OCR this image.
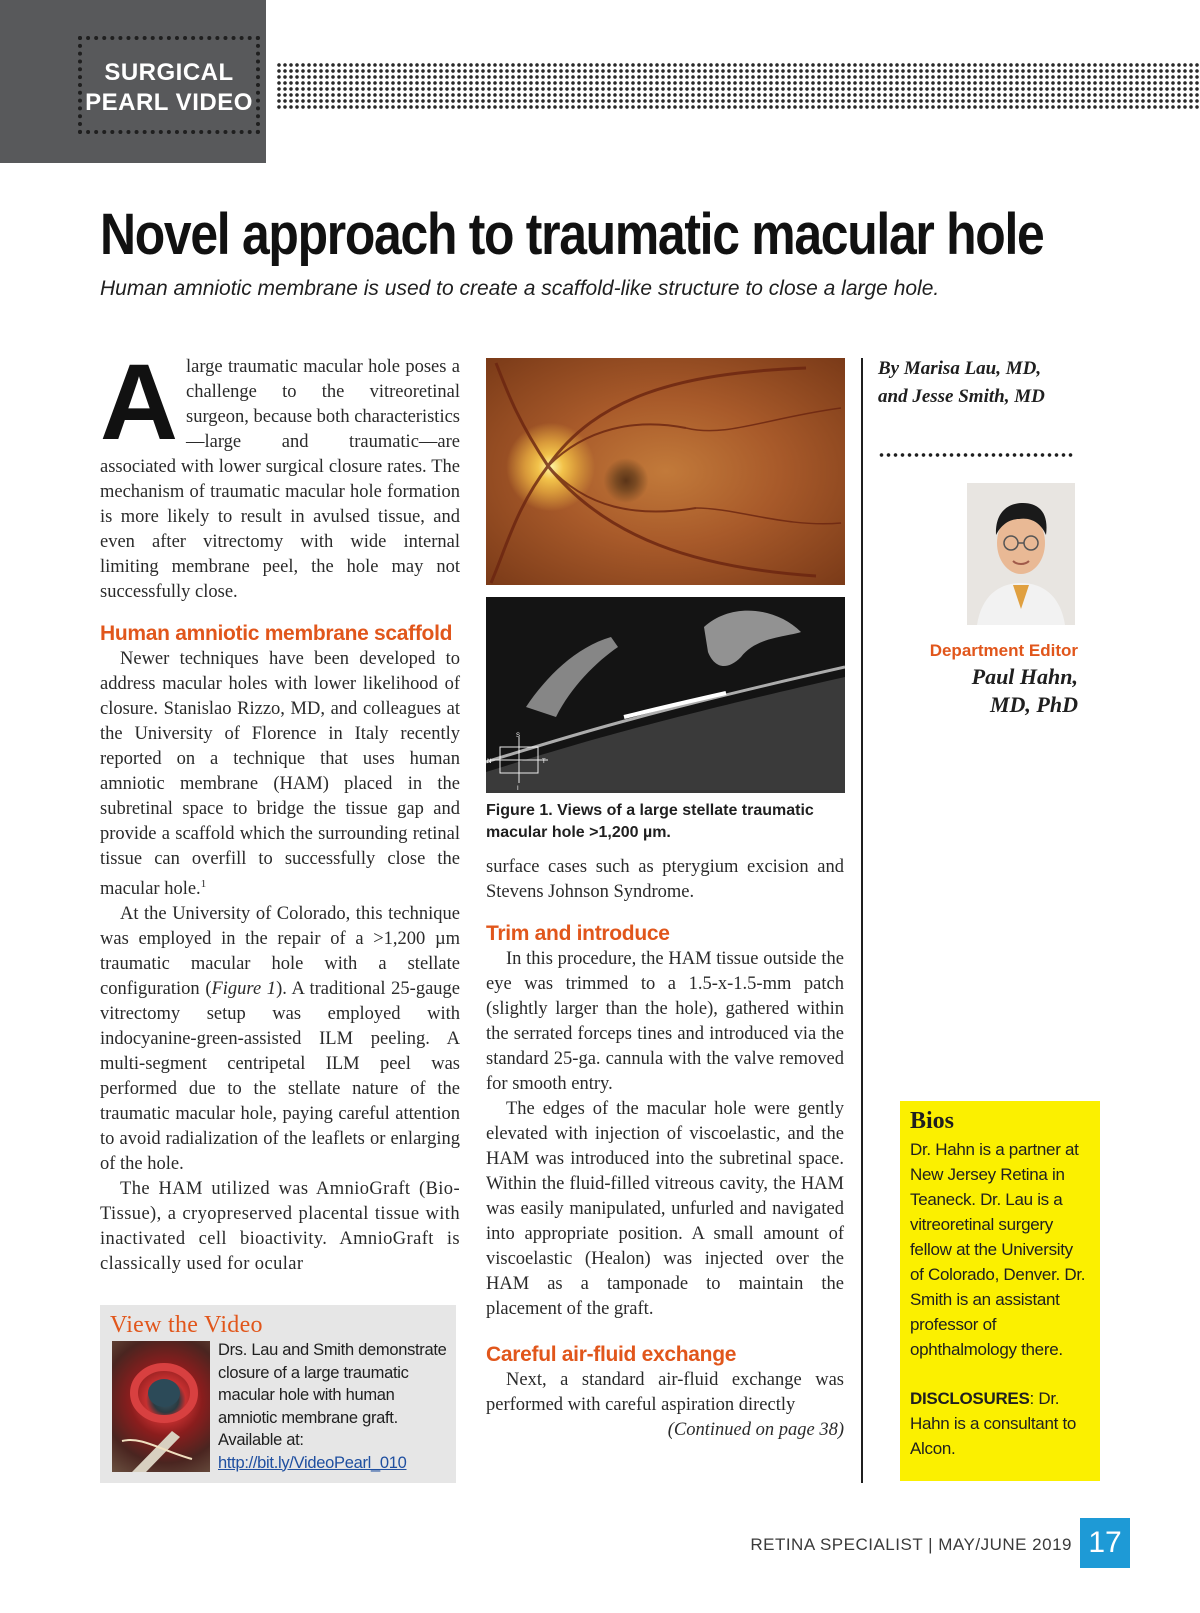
SURGICAL
PEARL VIDEO
Novel approach to traumatic macular hole
Human amniotic membrane is used to create a scaffold-like structure to close a large hole.

Alarge traumatic macular hole poses a challenge to the vitreoretinal surgeon, because both characteristics—large and traumatic—are associated with lower surgical closure rates. The mechanism of traumatic macular hole formation is more likely to result in avulsed tissue, and even after vitrectomy with wide internal limiting membrane peel, the hole may not successfully close.

Human amniotic membrane scaffold

Newer techniques have been developed to address macular holes with lower likelihood of closure. Stanislao Rizzo, MD, and colleagues at the University of Florence in Italy recently reported on a technique that uses human amniotic membrane (HAM) placed in the subretinal space to bridge the tissue gap and provide a scaffold which the surrounding retinal tissue can overfill to successfully close the macular hole.$^1$

At the University of Colorado, this technique was employed in the repair of a >1,200 µm traumatic macular hole with a stellate configuration (Figure 1). A traditional 25-gauge vitrectomy setup was employed with indocyanine-green-assisted ILM peeling. A multi-segment centripetal ILM peel was performed due to the stellate nature of the traumatic macular hole, paying careful attention to avoid radialization of the leaflets or enlarging of the hole.

The HAM utilized was AmnioGraft (Bio-Tissue), a cryopreserved placental tissue with inactivated cell bioactivity. AmnioGraft is classically used for ocular

S
N	T
I
Figure 1. Views of a large stellate traumatic macular hole >1,200 µm.

surface cases such as pterygium excision and Stevens Johnson Syndrome.

Trim and introduce

In this procedure, the HAM tissue outside the eye was trimmed to a 1.5-x-1.5-mm patch (slightly larger than the hole), gathered within the serrated forceps tines and introduced via the standard 25-ga. cannula with the valve removed for smooth entry.

The edges of the macular hole were gently elevated with injection of viscoelastic, and the HAM was introduced into the subretinal space. Within the fluid-filled vitreous cavity, the HAM was easily manipulated, unfurled and navigated into appropriate position. A small amount of viscoelastic (Healon) was injected over the HAM as a tamponade to maintain the placement of the graft.

Careful air-fluid exchange

Next, a standard air-fluid exchange was performed with careful aspiration directly

(Continued on page 38)

By Marisa Lau, MD,
and Jesse Smith, MD
Department Editor
Paul Hahn,
MD, PhD
Bios
Dr. Hahn is a partner at New Jersey Retina in Teaneck. Dr. Lau is a vitreoretinal surgery fellow at the University of Colorado, Denver. Dr. Smith is an assistant professor of ophthalmology there.
DISCLOSURES: Dr. Hahn is a consultant to Alcon.
View the Video
Drs. Lau and Smith demonstrate closure of a large traumatic macular hole with human amniotic membrane graft. Available at:
http://bit.ly/VideoPearl_010
RETINA SPECIALIST | MAY/JUNE 2019 17
